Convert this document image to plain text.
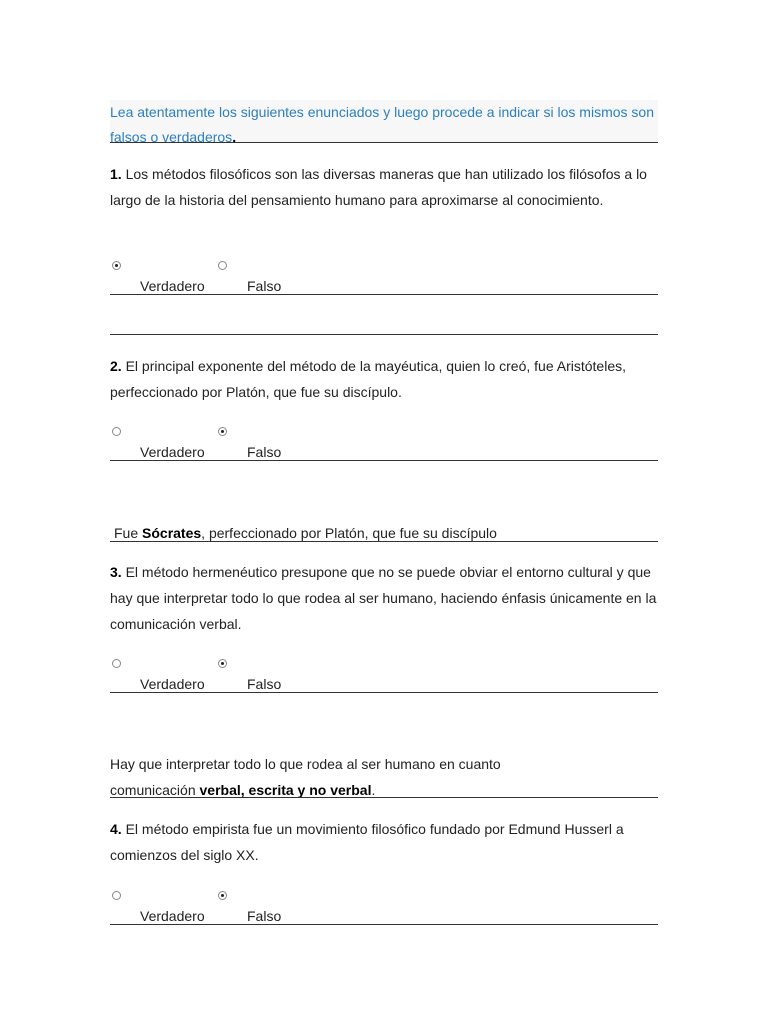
Lea atentamente los siguientes enunciados y luego procede a indicar si los mismos son falsos o verdaderos.
1. Los métodos filosóficos son las diversas maneras que han utilizado los filósofos a lo largo de la historia del pensamiento humano para aproximarse al conocimiento.
Verdadero	Falso
2. El principal exponente del método de la mayéutica, quien lo creó, fue Aristóteles, perfeccionado por Platón, que fue su discípulo.
Verdadero	Falso
Fue Sócrates, perfeccionado por Platón, que fue su discípulo
3. El método hermenéutico presupone que no se puede obviar el entorno cultural y que hay que interpretar todo lo que rodea al ser humano, haciendo énfasis únicamente en la comunicación verbal.
Verdadero	Falso
Hay que interpretar todo lo que rodea al ser humano en cuanto comunicación verbal, escrita y no verbal.
4. El método empirista fue un movimiento filosófico fundado por Edmund Husserl a comienzos del siglo XX.
Verdadero	Falso
